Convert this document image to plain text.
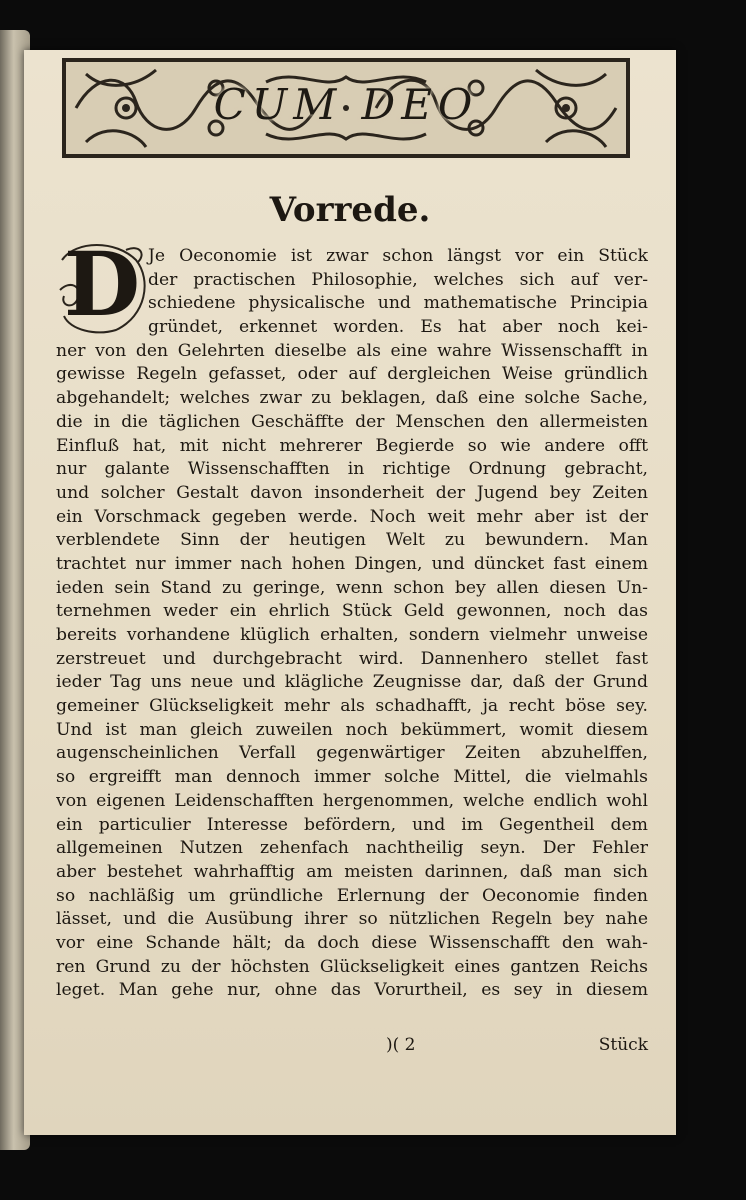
CUM DEO
Vorrede.
D Je Oeconomie ist zwar schon längst vor ein Stück
der practischen Philosophie, welches sich auf ver-
schiedene physicalische und mathematische Principia
gründet, erkennet worden. Es hat aber noch kei-
ner von den Gelehrten dieselbe als eine wahre Wissenschafft in
gewisse Regeln gefasset, oder auf dergleichen Weise gründlich
abgehandelt; welches zwar zu beklagen, daß eine solche Sache,
die in die täglichen Geschäffte der Menschen den allermeisten
Einfluß hat, mit nicht mehrerer Begierde so wie andere offt
nur galante Wissenschafften in richtige Ordnung gebracht,
und solcher Gestalt davon insonderheit der Jugend bey Zeiten
ein Vorschmack gegeben werde. Noch weit mehr aber ist der
verblendete Sinn der heutigen Welt zu bewundern. Man
trachtet nur immer nach hohen Dingen, und düncket fast einem
ieden sein Stand zu geringe, wenn schon bey allen diesen Un-
ternehmen weder ein ehrlich Stück Geld gewonnen, noch das
bereits vorhandene klüglich erhalten, sondern vielmehr unweise
zerstreuet und durchgebracht wird. Dannenhero stellet fast
ieder Tag uns neue und klägliche Zeugnisse dar, daß der Grund
gemeiner Glückseligkeit mehr als schadhafft, ja recht böse sey.
Und ist man gleich zuweilen noch bekümmert, womit diesem
augenscheinlichen Verfall gegenwärtiger Zeiten abzuhelffen,
so ergreifft man dennoch immer solche Mittel, die vielmahls
von eigenen Leidenschafften hergenommen, welche endlich wohl
ein particulier Interesse befördern, und im Gegentheil dem
allgemeinen Nutzen zehenfach nachtheilig seyn. Der Fehler
aber bestehet wahrhafftig am meisten darinnen, daß man sich
so nachläßig um gründliche Erlernung der Oeconomie finden
lässet, und die Ausübung ihrer so nützlichen Regeln bey nahe
vor eine Schande hält; da doch diese Wissenschafft den wah-
ren Grund zu der höchsten Glückseligkeit eines gantzen Reichs
leget. Man gehe nur, ohne das Vorurtheil, es sey in diesem
)( 2	Stück
